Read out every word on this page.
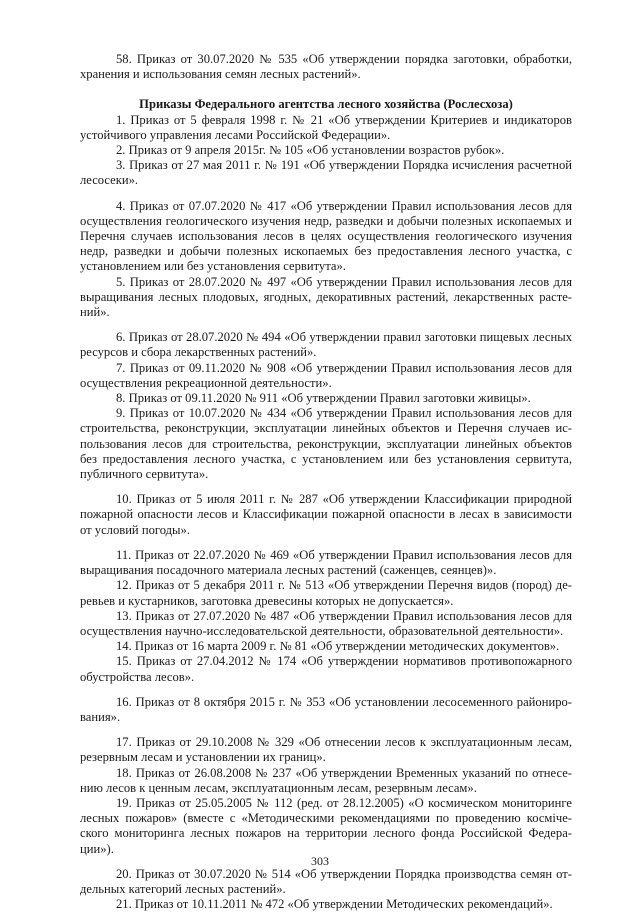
58. Приказ от 30.07.2020 № 535 «Об утверждении порядка заготовки, обработки, хранения и использования семян лесных растений».

Приказы Федерального агентства лесного хозяйства (Рослесхоза)

1. Приказ от 5 февраля 1998 г. № 21 «Об утверждении Критериев и индикаторов устойчивого управления лесами Российской Федерации».

2. Приказ от 9 апреля 2015г. № 105 «Об установлении возрастов рубок».

3. Приказ от 27 мая 2011 г. № 191 «Об утверждении Порядка исчисления расчетной лесосеки».

4. Приказ от 07.07.2020 № 417 «Об утверждении Правил использования лесов для осуществления геологического изучения недр, разведки и добычи полезных ископаемых и Перечня случаев использования лесов в целях осуществления геологического изучения недр, разведки и добычи полезных ископаемых без предоставления лесного участка, с установлением или без установления сервитута».

5. Приказ от 28.07.2020 № 497 «Об утверждении Правил использования лесов для выращивания лесных плодовых, ягодных, декоративных растений, лекарственных растений».

6. Приказ от 28.07.2020 № 494 «Об утверждении правил заготовки пищевых лесных ресурсов и сбора лекарственных растений».

7. Приказ от 09.11.2020 № 908 «Об утверждении Правил использования лесов для осуществления рекреационной деятельности».

8. Приказ от 09.11.2020 № 911 «Об утверждении Правил заготовки живицы».

9. Приказ от 10.07.2020 № 434 «Об утверждении Правил использования лесов для строительства, реконструкции, эксплуатации линейных объектов и Перечня случаев использования лесов для строительства, реконструкции, эксплуатации линейных объектов без предоставления лесного участка, с установлением или без установления сервитута, публичного сервитута».

10. Приказ от 5 июля 2011 г. № 287 «Об утверждении Классификации природной пожарной опасности лесов и Классификации пожарной опасности в лесах в зависимости от условий погоды».

11. Приказ от 22.07.2020 № 469 «Об утверждении Правил использования лесов для выращивания посадочного материала лесных растений (саженцев, сеянцев)».

12. Приказ от 5 декабря 2011 г. № 513 «Об утверждении Перечня видов (пород) деревьев и кустарников, заготовка древесины которых не допускается».

13. Приказ от 27.07.2020 № 487 «Об утверждении Правил использования лесов для осуществления научно-исследовательской деятельности, образовательной деятельности».

14. Приказ от 16 марта 2009 г. № 81 «Об утверждении методических документов».

15. Приказ от 27.04.2012 № 174 «Об утверждении нормативов противопожарного обустройства лесов».

16. Приказ от 8 октября 2015 г. № 353 «Об установлении лесосеменного районирования».

17. Приказ от 29.10.2008 № 329 «Об отнесении лесов к эксплуатационным лесам, резервным лесам и установлении их границ».

18. Приказ от 26.08.2008 № 237 «Об утверждении Временных указаний по отнесению лесов к ценным лесам, эксплуатационным лесам, резервным лесам».

19. Приказ от 25.05.2005 № 112 (ред. от 28.12.2005) «О космическом мониторинге лесных пожаров» (вместе с «Методическими рекомендациями по проведению косміческого мониторинга лесных пожаров на территории лесного фонда Российской Федерации»).

20. Приказ от 30.07.2020 № 514 «Об утверждении Порядка производства семян отдельных категорий лесных растений».

21. Приказ от 10.11.2011 № 472 «Об утверждении Методических рекомендаций».

303
